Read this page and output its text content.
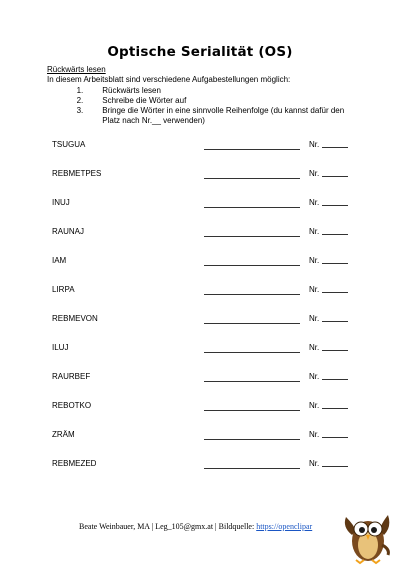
Optische Serialität (OS)
Rückwärts lesen
In diesem Arbeitsblatt sind verschiedene Aufgabestellungen möglich:
1. Rückwärts lesen
2. Schreibe die Wörter auf
3. Bringe die Wörter in eine sinnvolle Reihenfolge (du kannst dafür den Platz nach Nr.__ verwenden)
TSUGUA	Nr.
REBMETPES	Nr.
INUJ	Nr.
RAUNAJ	Nr.
IAM	Nr.
LIRPA	Nr.
REBMEVON	Nr.
ILUJ	Nr.
RAURBEF	Nr.
REBOTKO	Nr.
ZRÄM	Nr.
REBMEZED	Nr.
Beate Weinbauer, MA | Leg_105@gmx.at | Bildquelle: https://openclipar
